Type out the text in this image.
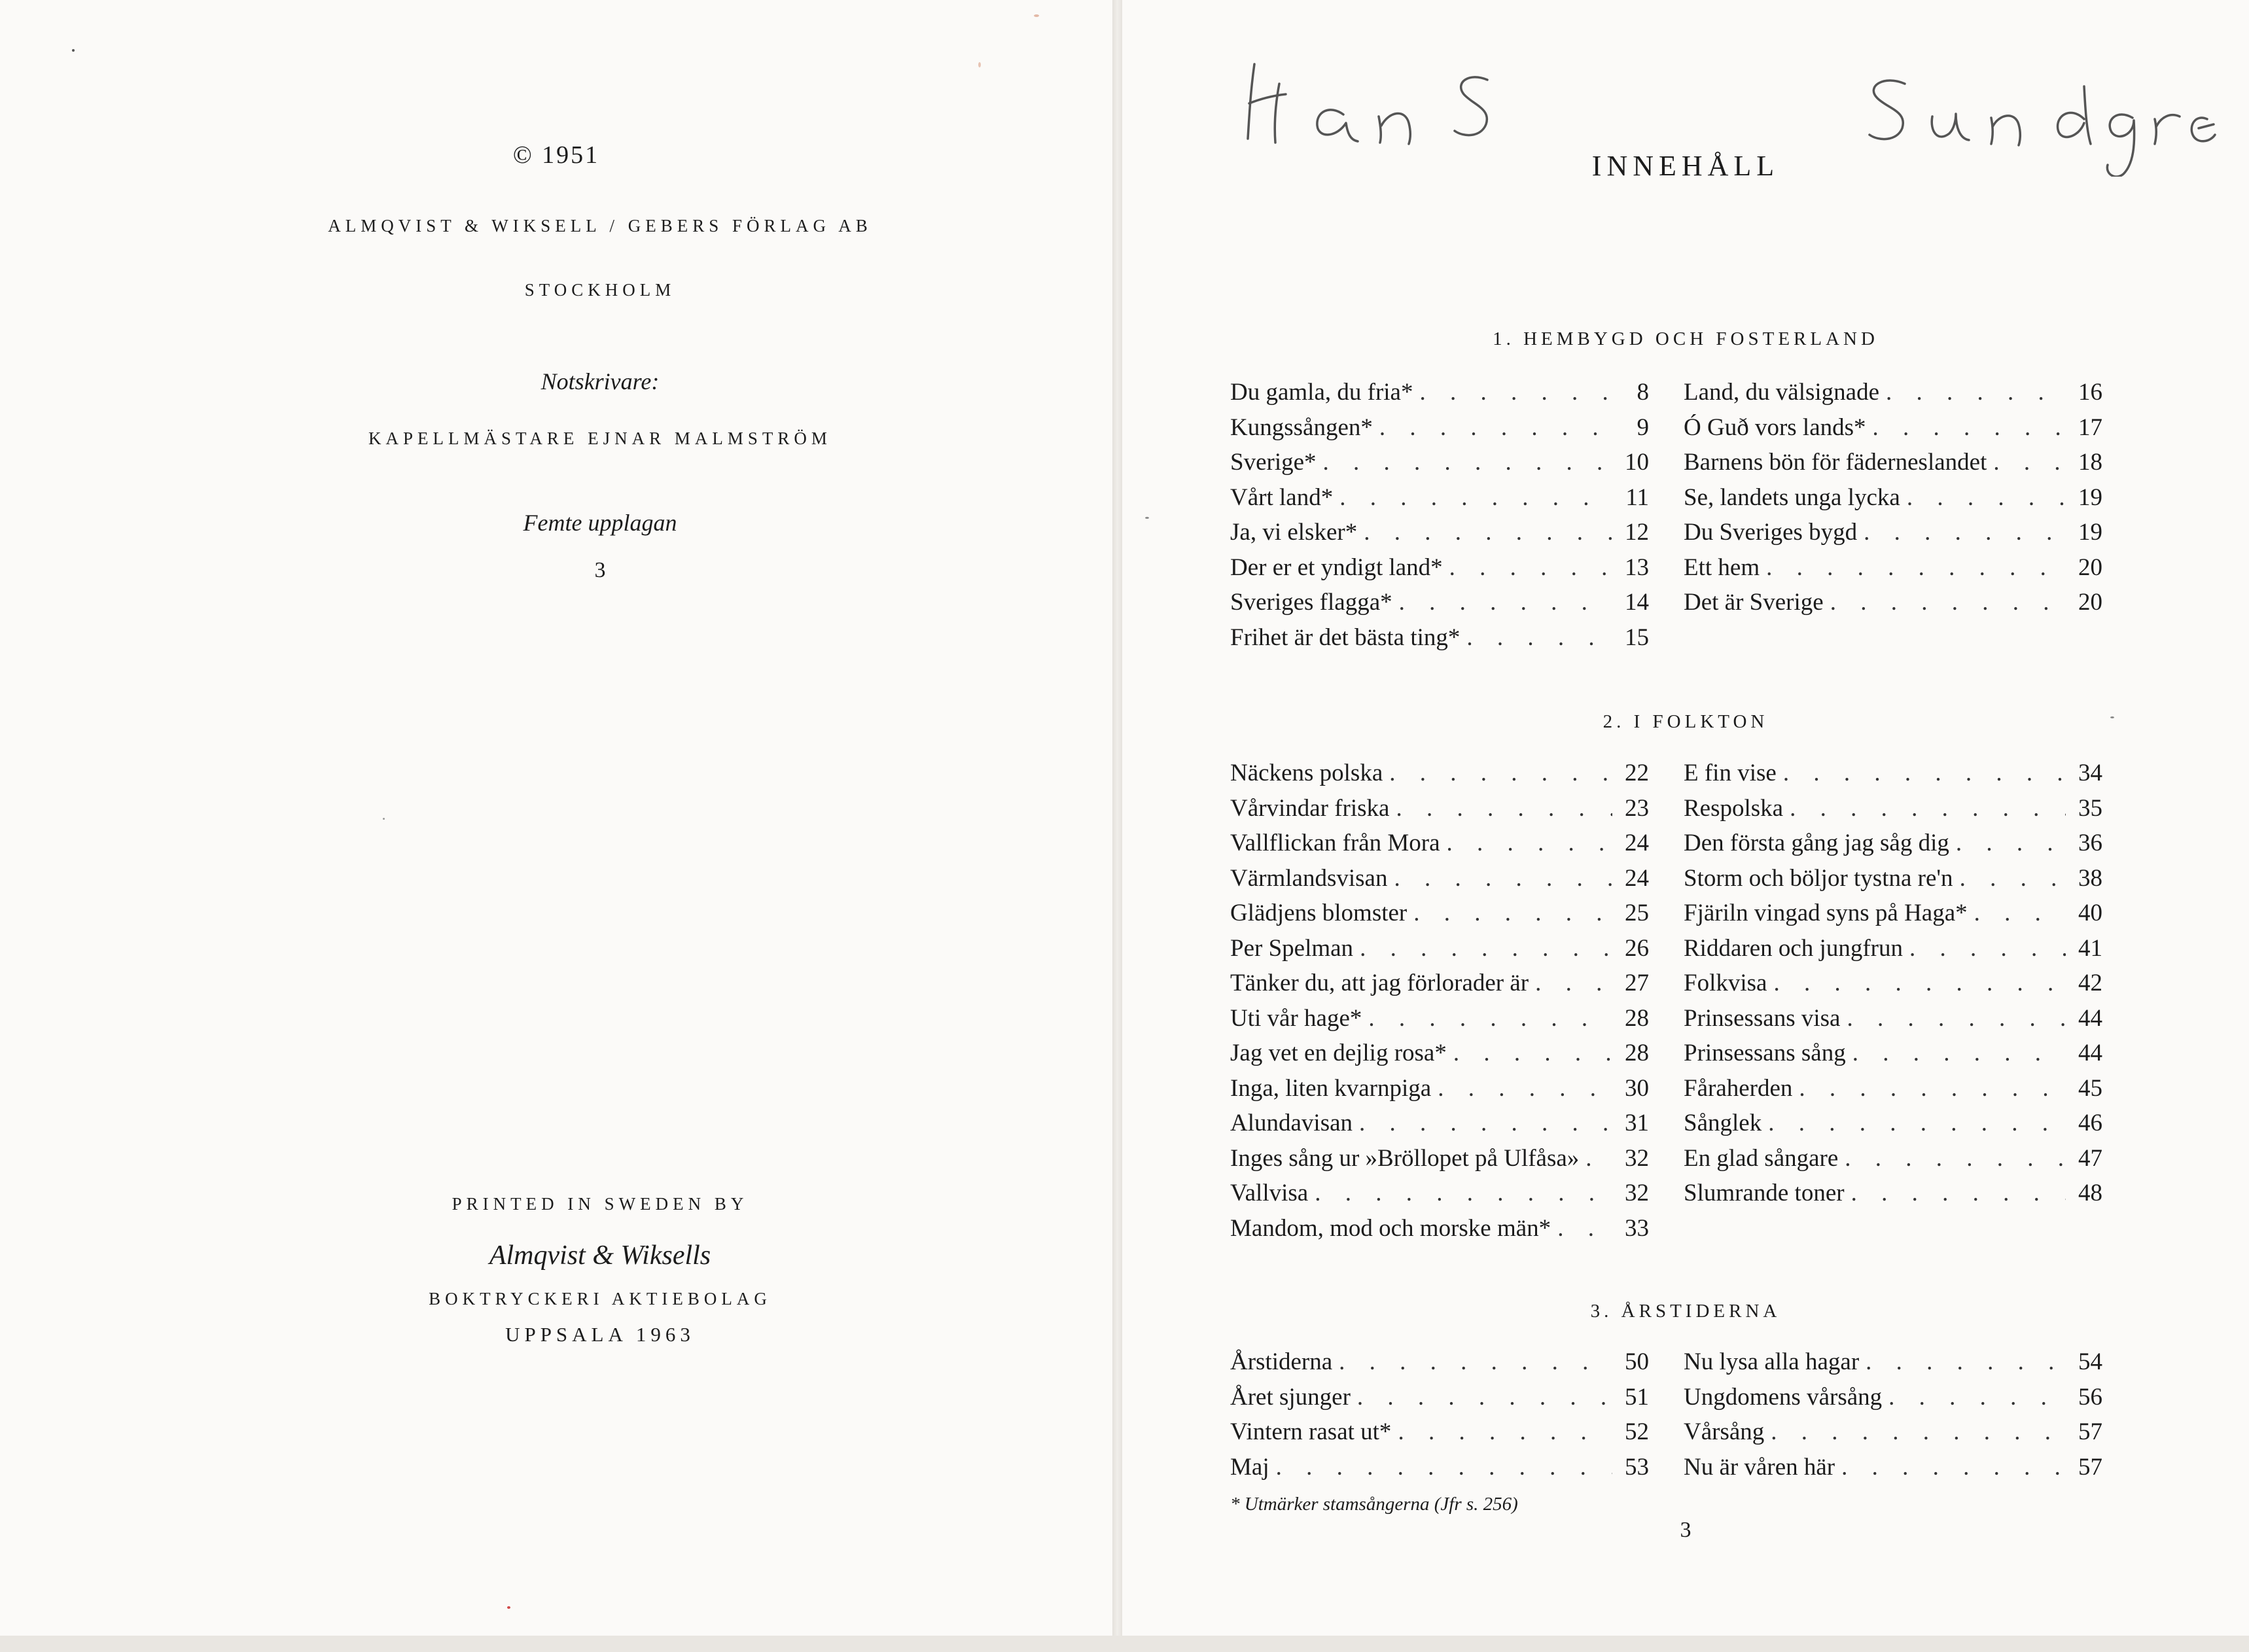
© 1951
ALMQVIST & WIKSELL / GEBERS FÖRLAG AB
STOCKHOLM
Notskrivare:
KAPELLMÄSTARE EJNAR MALMSTRÖM
Femte upplagan
3
PRINTED IN SWEDEN BY
Almqvist & Wiksells
BOKTRYCKERI AKTIEBOLAG
UPPSALA 1963
INNEHÅLL
1. HEMBYGD OCH FOSTERLAND
Du gamla, du fria* . . .	8
Kungssången* . . .	9
Sverige* . . .	10
Vårt land* . . .	11
Ja, vi elsker* . . .	12
Der er et yndigt land* . . .	13
Sveriges flagga* . . .	14
Frihet är det bästa ting* . . .	15
Land, du välsignade . . .	16
Ó Guð vors lands* . . .	17
Barnens bön för fäderneslandet . . .	18
Se, landets unga lycka . . .	19
Du Sveriges bygd . . .	19
Ett hem . . .	20
Det är Sverige . . .	20
2. I FOLKTON
Näckens polska . . .	22
Vårvindar friska . . .	23
Vallflickan från Mora . . .	24
Värmlandsvisan . . .	24
Glädjens blomster . . .	25
Per Spelman . . .	26
Tänker du, att jag förlorader är . . .	27
Uti vår hage* . . .	28
Jag vet en dejlig rosa* . . .	28
Inga, liten kvarnpiga . . .	30
Alundavisan . . .	31
Inges sång ur »Bröllopet på Ulfåsa» . . .	32
Vallvisa . . .	32
Mandom, mod och morske män* . . .	33
E fin vise . . .	34
Respolska . . .	35
Den första gång jag såg dig . . .	36
Storm och böljor tystna re'n . . .	38
Fjäriln vingad syns på Haga* . . .	40
Riddaren och jungfrun . . .	41
Folkvisa . . .	42
Prinsessans visa . . .	44
Prinsessans sång . . .	44
Fåraherden . . .	45
Sånglek . . .	46
En glad sångare . . .	47
Slumrande toner . . .	48
3. ÅRSTIDERNA
Årstiderna . . .	50
Året sjunger . . .	51
Vintern rasat ut* . . .	52
Maj . . .	53
Nu lysa alla hagar . . .	54
Ungdomens vårsång . . .	56
Vårsång . . .	57
Nu är våren här . . .	57
* Utmärker stamsångerna (Jfr s. 256)
3
